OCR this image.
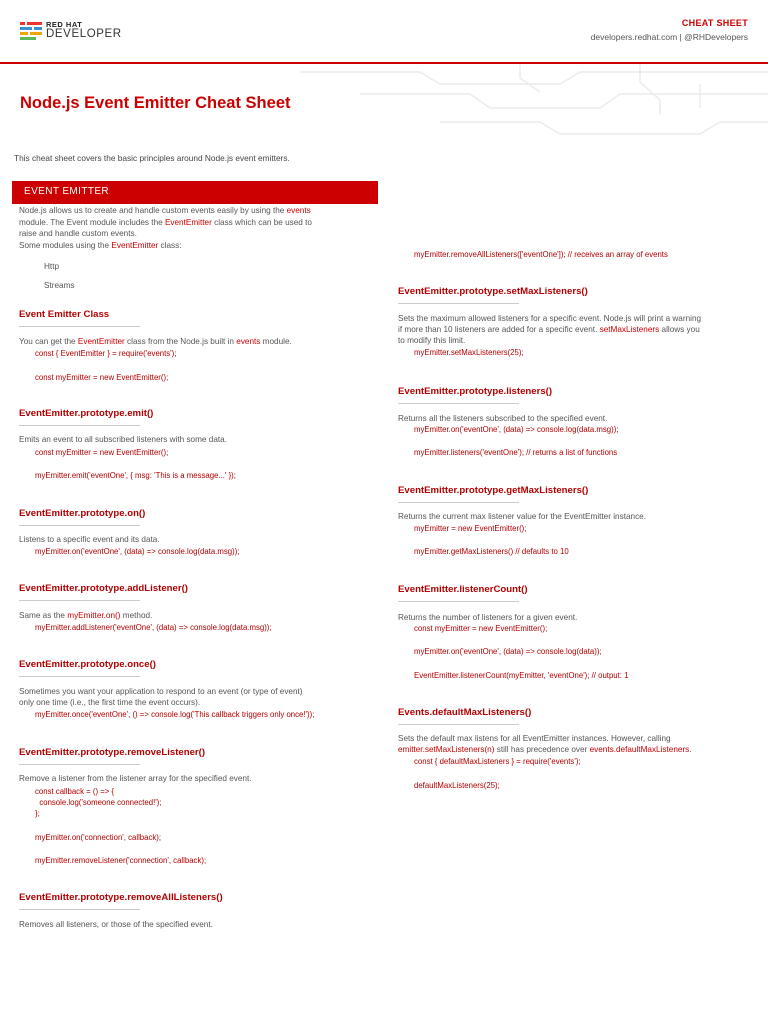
RED HAT
DEVELOPER
CHEAT SHEET
developers.redhat.com | @RHDevelopers
Node.js Event Emitter Cheat Sheet
This cheat sheet covers the basic principles around Node.js event emitters.
EVENT EMITTER
Node.js allows us to create and handle custom events easily by using the events
module. The Event module includes the EventEmitter class which can be used to
raise and handle custom events.
Some modules using the EventEmitter class:
Http
Streams
Event Emitter Class
You can get the EventEmitter class from the Node.js built in events module.
const { EventEmitter } = require('events');
const myEmitter = new EventEmitter();
EventEmitter.prototype.emit()
Emits an event to all subscribed listeners with some data.
const myEmitter = new EventEmitter();
myEmitter.emit('eventOne', { msg: 'This is a message...' });
EventEmitter.prototype.on()
Listens to a specific event and its data.
myEmitter.on('eventOne', (data) => console.log(data.msg));
EventEmitter.prototype.addListener()
Same as the myEmitter.on() method.
myEmitter.addListener('eventOne', (data) => console.log(data.msg));
EventEmitter.prototype.once()
Sometimes you want your application to respond to an event (or type of event)
only one time (i.e., the first time the event occurs).
myEmitter.once('eventOne', () => console.log('This callback triggers only once!'));
EventEmitter.prototype.removeListener()
Remove a listener from the listener array for the specified event.
const callback = () => {
console.log('someone connected!');
};
myEmitter.on('connection', callback);
myEmitter.removeListener('connection', callback);
EventEmitter.prototype.removeAllListeners()
Removes all listeners, or those of the specified event.
myEmitter.removeAllListeners(['eventOne']); // receives an array of events
EventEmitter.prototype.setMaxListeners()
Sets the maximum allowed listeners for a specific event. Node.js will print a warning
if more than 10 listeners are added for a specific event. setMaxListeners allows you
to modify this limit.
myEmitter.setMaxListeners(25);
EventEmitter.prototype.listeners()
Returns all the listeners subscribed to the specified event.
myEmitter.on('eventOne', (data) => console.log(data.msg));
myEmitter.listeners('eventOne'); // returns a list of functions
EventEmitter.prototype.getMaxListeners()
Returns the current max listener value for the EventEmitter instance.
myEmitter = new EventEmitter();
myEmitter.getMaxListeners() // defaults to 10
EventEmitter.listenerCount()
Returns the number of listeners for a given event.
const myEmitter = new EventEmitter();
myEmitter.on('eventOne', (data) => console.log(data));
EventEmitter.listenerCount(myEmitter, 'eventOne'); // output: 1
Events.defaultMaxListeners()
Sets the default max listens for all EventEmitter instances. However, calling
emitter.setMaxListeners(n) still has precedence over events.defaultMaxListeners.
const { defaultMaxListeners } = require('events');
defaultMaxListeners(25);
